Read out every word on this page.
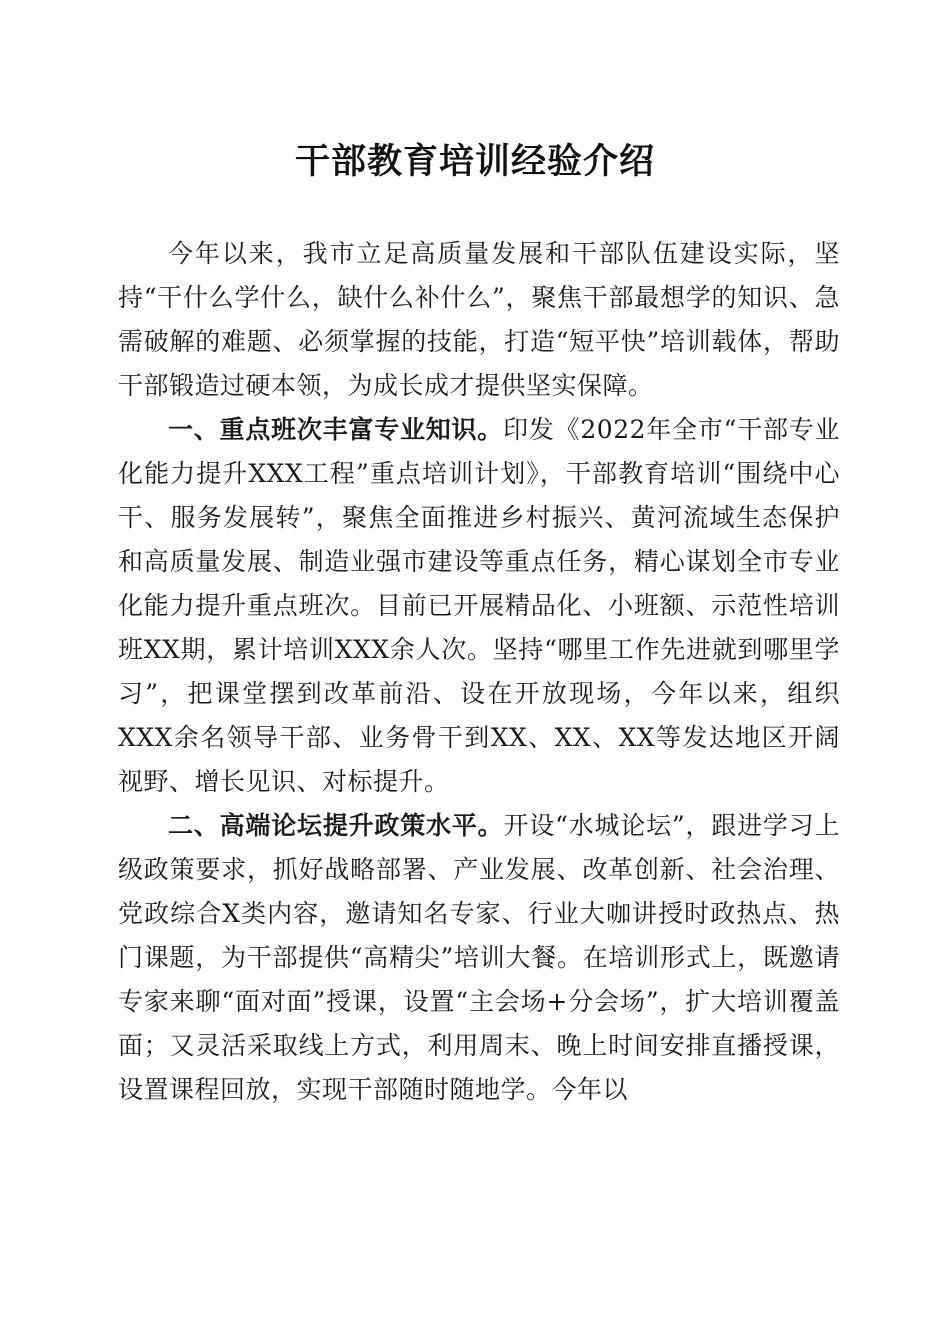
干部教育培训经验介绍

今年以来，我市立足高质量发展和干部队伍建设实际，坚持“干什么学什么，缺什么补什么”，聚焦干部最想学的知识、急需破解的难题、必须掌握的技能，打造“短平快”培训载体，帮助干部锻造过硬本领，为成长成才提供坚实保障。

一、重点班次丰富专业知识。印发《2022年全市“干部专业化能力提升XXX工程”重点培训计划》，干部教育培训“围绕中心干、服务发展转”，聚焦全面推进乡村振兴、黄河流域生态保护和高质量发展、制造业强市建设等重点任务，精心谋划全市专业化能力提升重点班次。目前已开展精品化、小班额、示范性培训班XX期，累计培训XXX余人次。坚持“哪里工作先进就到哪里学习”，把课堂摆到改革前沿、设在开放现场，今年以来，组织XXX余名领导干部、业务骨干到XX、XX、XX等发达地区开阔视野、增长见识、对标提升。

二、高端论坛提升政策水平。开设“水城论坛”，跟进学习上级政策要求，抓好战略部署、产业发展、改革创新、社会治理、党政综合X类内容，邀请知名专家、行业大咖讲授时政热点、热门课题，为干部提供“高精尖”培训大餐。在培训形式上，既邀请专家来聊“面对面”授课，设置“主会场+分会场”，扩大培训覆盖面；又灵活采取线上方式，利用周末、晚上时间安排直播授课，设置课程回放，实现干部随时随地学。今年以
